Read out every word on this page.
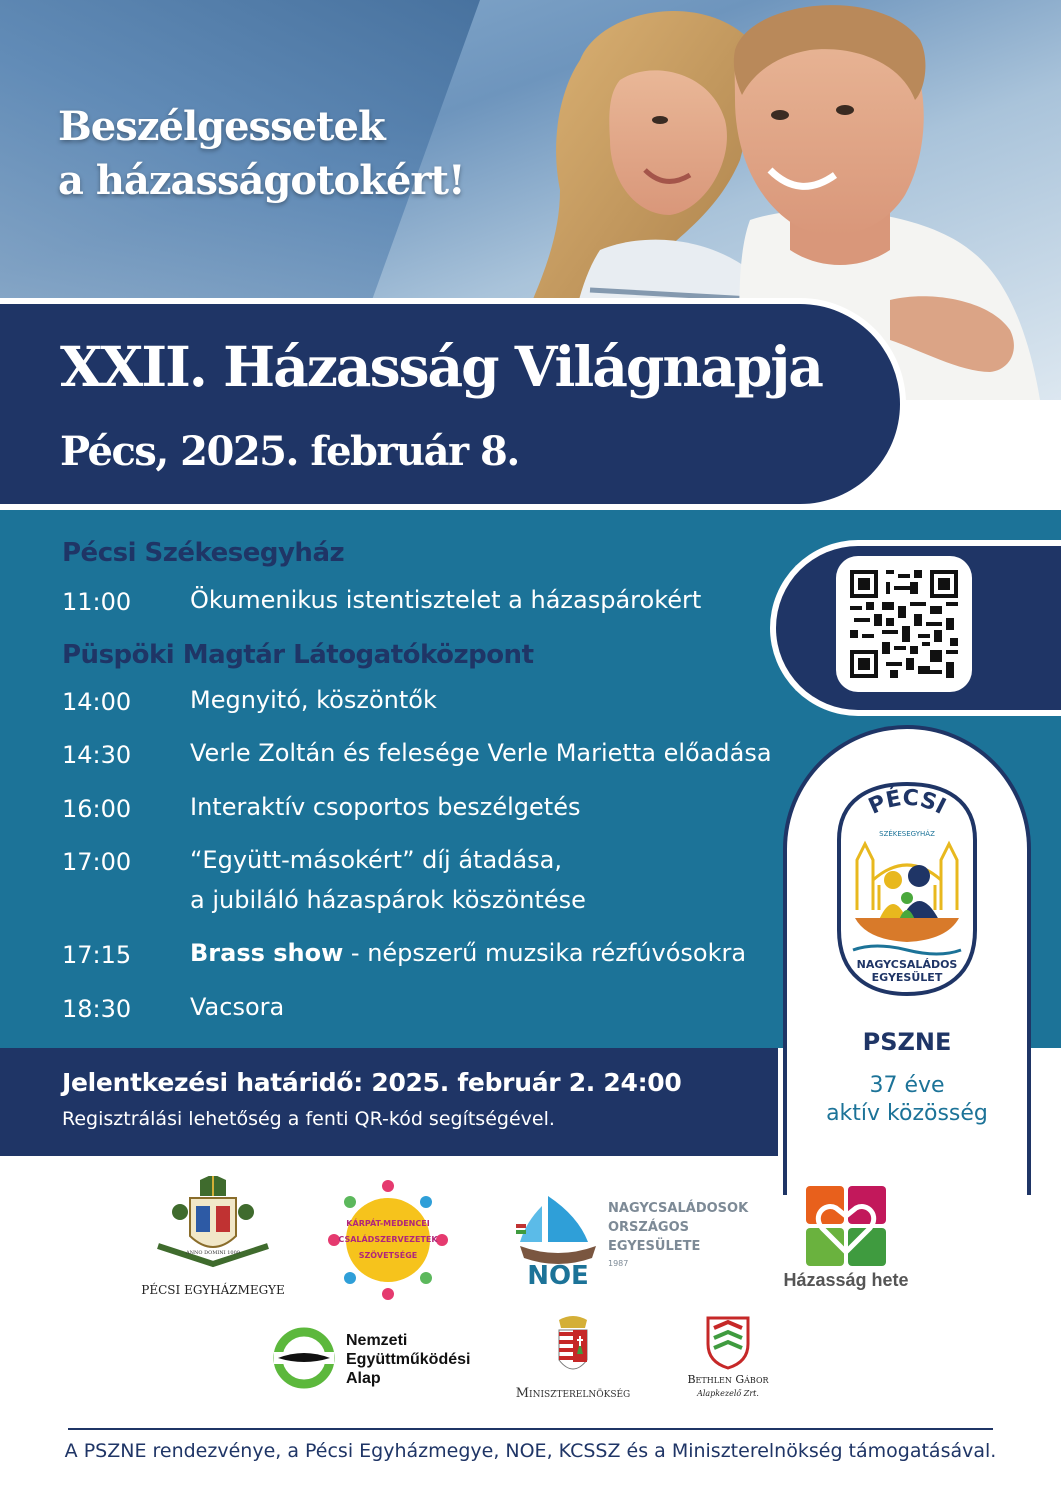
Beszélgessetek
a házasságotokért!
XXII. Házasság Világnapja
Pécs, 2025. február 8.
Pécsi Székesegyház
11:00 Ökumenikus istentisztelet a házaspárokért
Püspöki Magtár Látogatóközpont
14:00 Megnyitó, köszöntők
14:30 Verle Zoltán és felesége Verle Marietta előadása
16:00 Interaktív csoportos beszélgetés
17:00 “Együtt-másokért” díj átadása,
a jubiláló házaspárok köszöntése
17:15 Brass show - népszerű muzsika rézfúvósokra
18:30 Vacsora
Jelentkezési határidő: 2025. február 2. 24:00
Regisztrálási lehetőség a fenti QR-kód segítségével.
PÉCSI
SZÉKESEGYHÁZ
NAGYCSALÁDOS
EGYESÜLET
PSZNE
37 éve
aktív közösség
ANNO DOMINI 1009
PÉCSI EGYHÁZMEGYE
KÁRPÁT-MEDENCEI
CSALÁDSZERVEZETEK
SZÖVETSÉGE
NOE
NAGYCSALÁDOSOK
ORSZÁGOS
EGYESÜLETE
1987
Házasság hete
Nemzeti
Együttműködési
Alap
Miniszterelnökség
Bethlen Gábor
Alapkezelő Zrt.
A PSZNE rendezvénye, a Pécsi Egyházmegye, NOE, KCSSZ és a Miniszterelnökség támogatásával.
